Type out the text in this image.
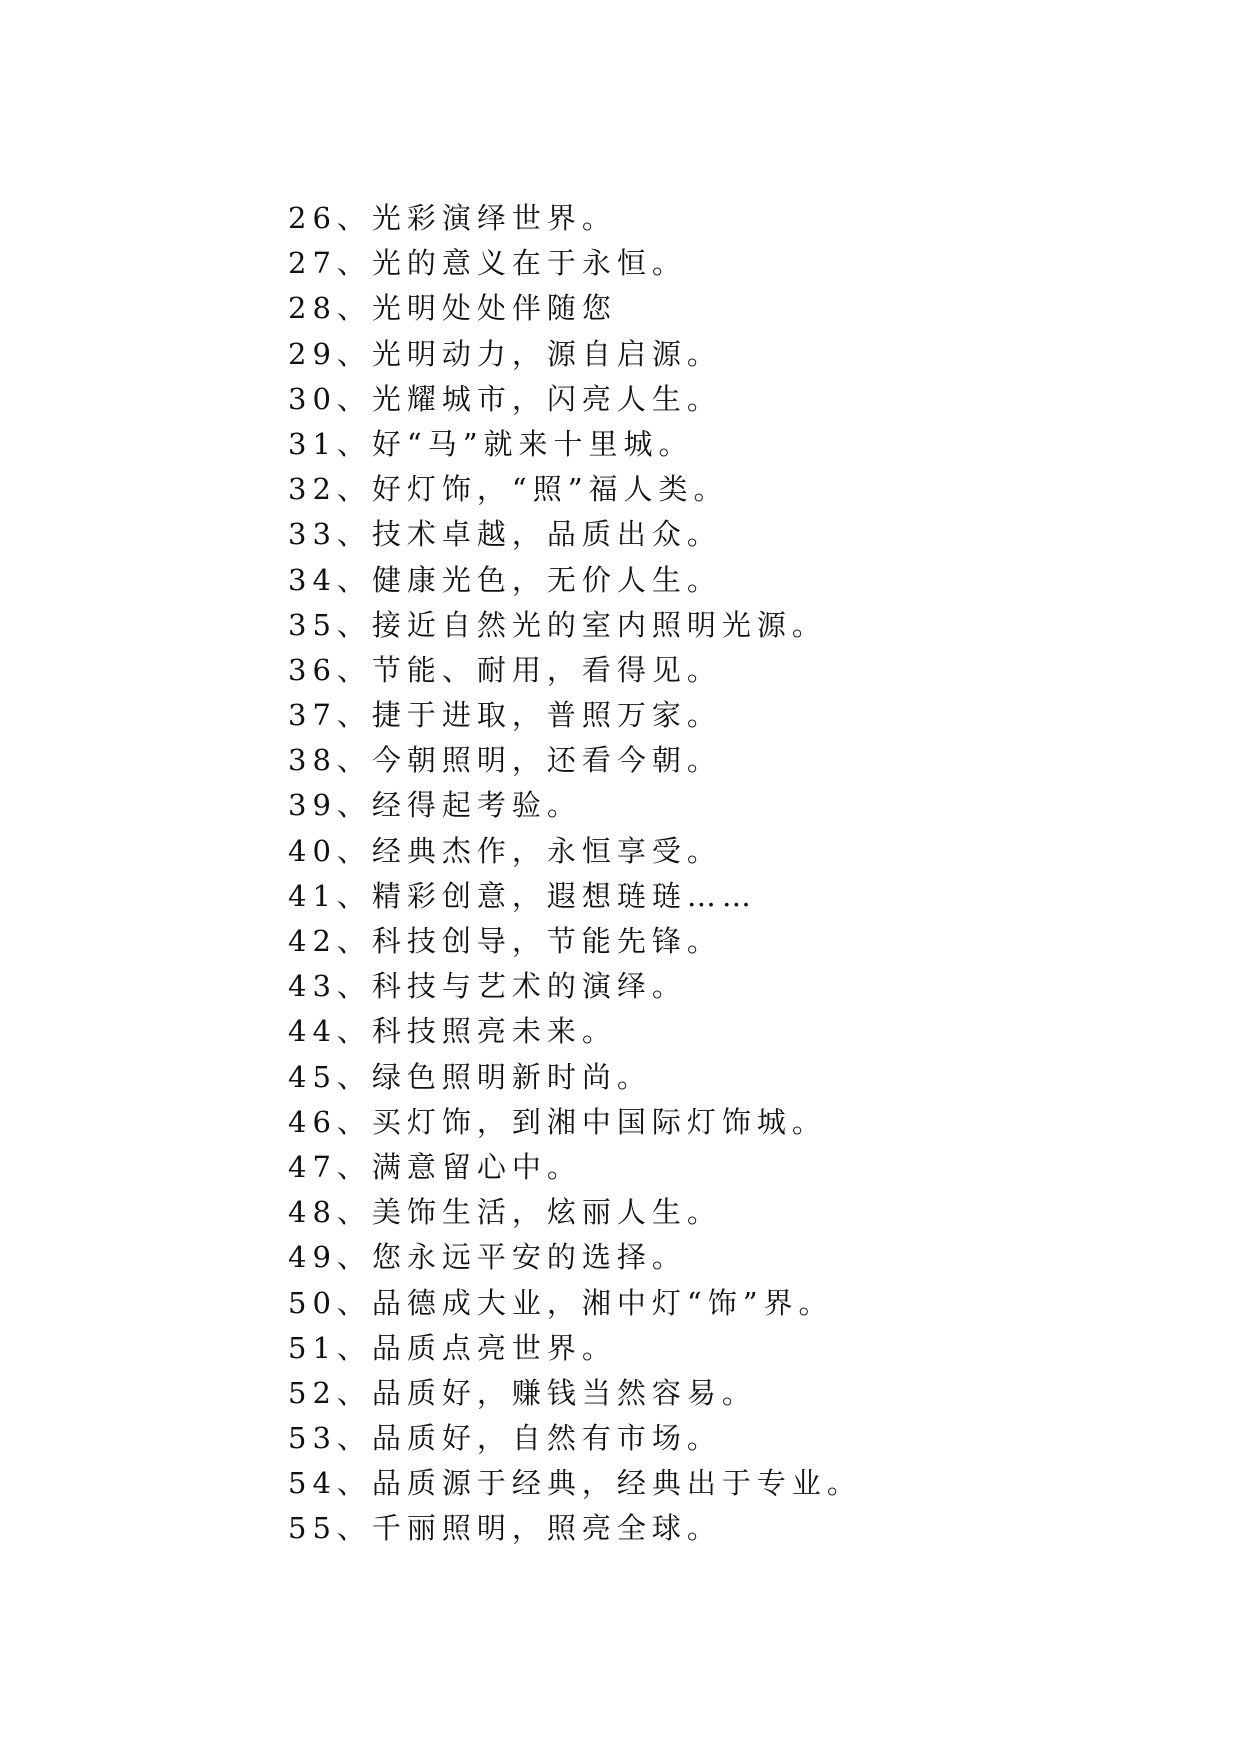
26、光彩演绎世界。
27、光的意义在于永恒。
28、光明处处伴随您
29、光明动力，源自启源。
30、光耀城市，闪亮人生。
31、好“马”就来十里城。
32、好灯饰，“照”福人类。
33、技术卓越，品质出众。
34、健康光色，无价人生。
35、接近自然光的室内照明光源。
36、节能、耐用，看得见。
37、捷于进取，普照万家。
38、今朝照明，还看今朝。
39、经得起考验。
40、经典杰作，永恒享受。
41、精彩创意，遐想琏琏……
42、科技创导，节能先锋。
43、科技与艺术的演绎。
44、科技照亮未来。
45、绿色照明新时尚。
46、买灯饰，到湘中国际灯饰城。
47、满意留心中。
48、美饰生活，炫丽人生。
49、您永远平安的选择。
50、品德成大业，湘中灯“饰”界。
51、品质点亮世界。
52、品质好，赚钱当然容易。
53、品质好，自然有市场。
54、品质源于经典，经典出于专业。
55、千丽照明，照亮全球。
